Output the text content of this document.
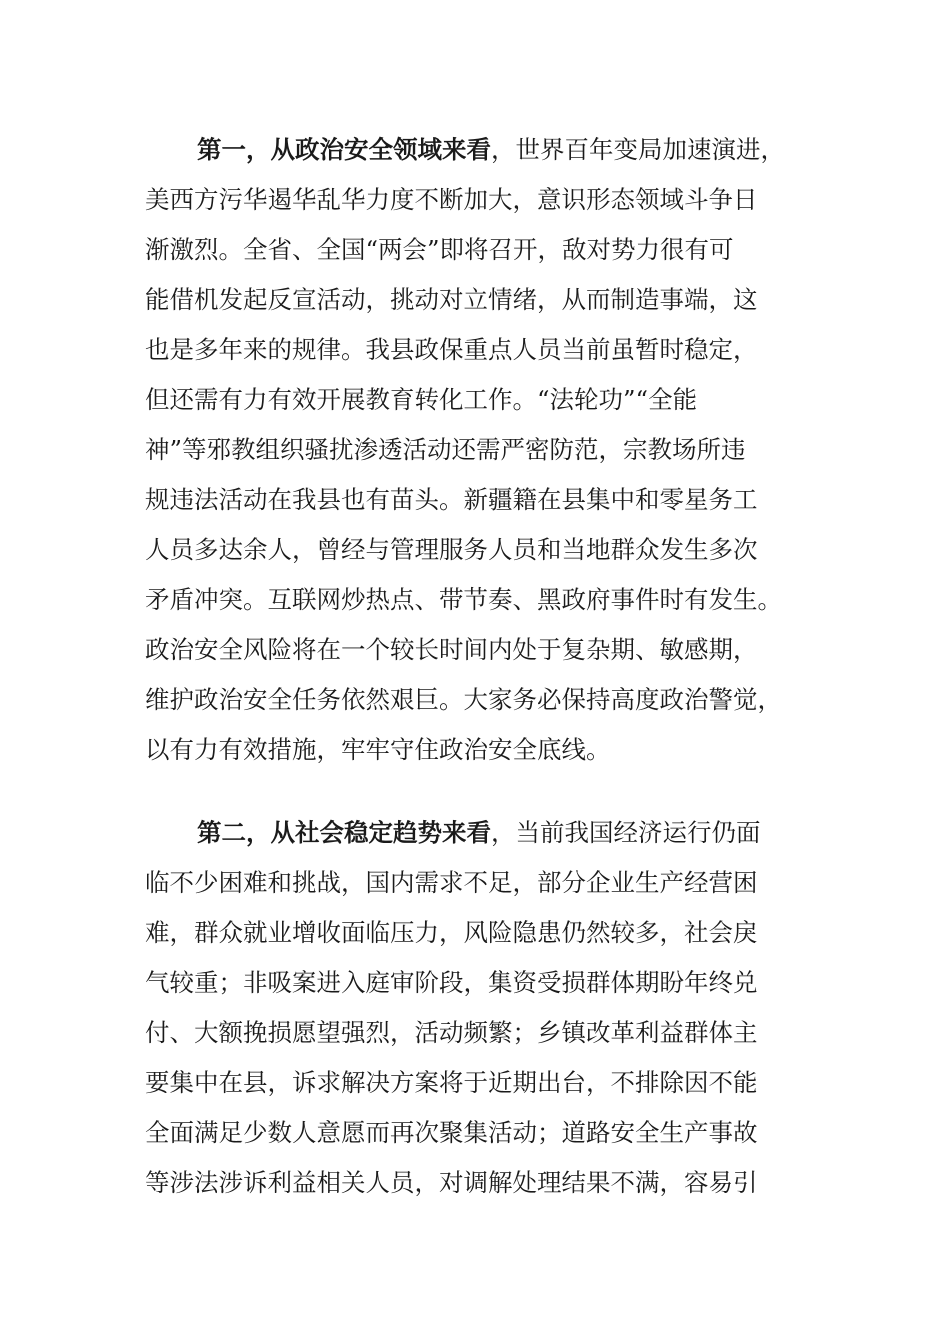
第一，从政治安全领域来看，世界百年变局加速演进，
美西方污华遏华乱华力度不断加大，意识形态领域斗争日
渐激烈。全省、全国“两会”即将召开，敌对势力很有可
能借机发起反宣活动，挑动对立情绪，从而制造事端，这
也是多年来的规律。我县政保重点人员当前虽暂时稳定，
但还需有力有效开展教育转化工作。“法轮功”“全能
神”等邪教组织骚扰渗透活动还需严密防范，宗教场所违
规违法活动在我县也有苗头。新疆籍在县集中和零星务工
人员多达余人，曾经与管理服务人员和当地群众发生多次
矛盾冲突。互联网炒热点、带节奏、黑政府事件时有发生。
政治安全风险将在一个较长时间内处于复杂期、敏感期，
维护政治安全任务依然艰巨。大家务必保持高度政治警觉，
以有力有效措施，牢牢守住政治安全底线。
第二，从社会稳定趋势来看，当前我国经济运行仍面
临不少困难和挑战，国内需求不足，部分企业生产经营困
难，群众就业增收面临压力，风险隐患仍然较多，社会戾
气较重；非吸案进入庭审阶段，集资受损群体期盼年终兑
付、大额挽损愿望强烈，活动频繁；乡镇改革利益群体主
要集中在县，诉求解决方案将于近期出台，不排除因不能
全面满足少数人意愿而再次聚集活动；道路安全生产事故
等涉法涉诉利益相关人员，对调解处理结果不满，容易引
